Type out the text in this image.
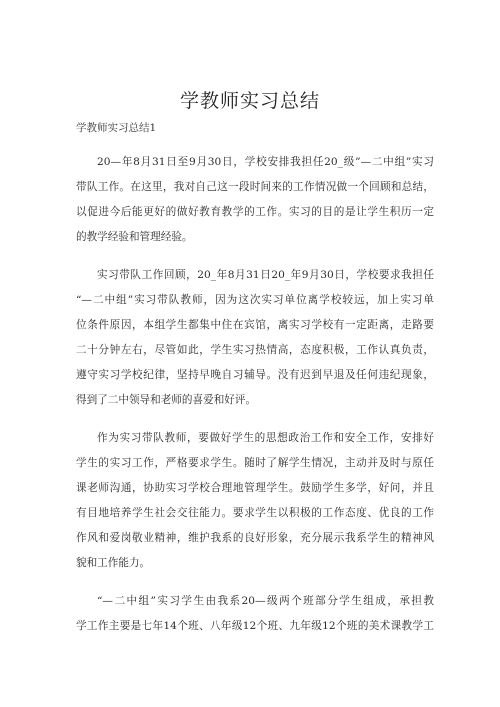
学教师实习总结
学教师实习总结1
20—年8月31日至9月30日，学校安排我担任20_级”—二中组”实习
带队工作。在这里，我对自己这一段时间来的工作情况做一个回顾和总结，
以促进今后能更好的做好教育教学的工作。实习的目的是让学生积历一定
的教学经验和管理经验。
实习带队工作回顾，20_年8月31日20_年9月30日，学校要求我担任
“—二中组”实习带队教师，因为这次实习单位离学校较远，加上实习单
位条件原因，本组学生都集中住在宾馆，离实习学校有一定距离，走路要
二十分钟左右，尽管如此，学生实习热情高，态度积极，工作认真负责，
遵守实习学校纪律，坚持早晚自习辅导。没有迟到早退及任何违纪现象，
得到了二中领导和老师的喜爱和好评。
作为实习带队教师，要做好学生的思想政治工作和安全工作，安排好
学生的实习工作，严格要求学生。随时了解学生情况，主动并及时与原任
课老师沟通，协助实习学校合理地管理学生。鼓励学生多学，好问，并且
有目地培养学生社会交往能力。要求学生以积极的工作态度、优良的工作
作风和爱岗敬业精神，维护我系的良好形象，充分展示我系学生的精神风
貌和工作能力。
“—二中组”实习学生由我系20—级两个班部分学生组成，承担教
学工作主要是七年14个班、八年级12个班、九年级12个班的美术课教学工
